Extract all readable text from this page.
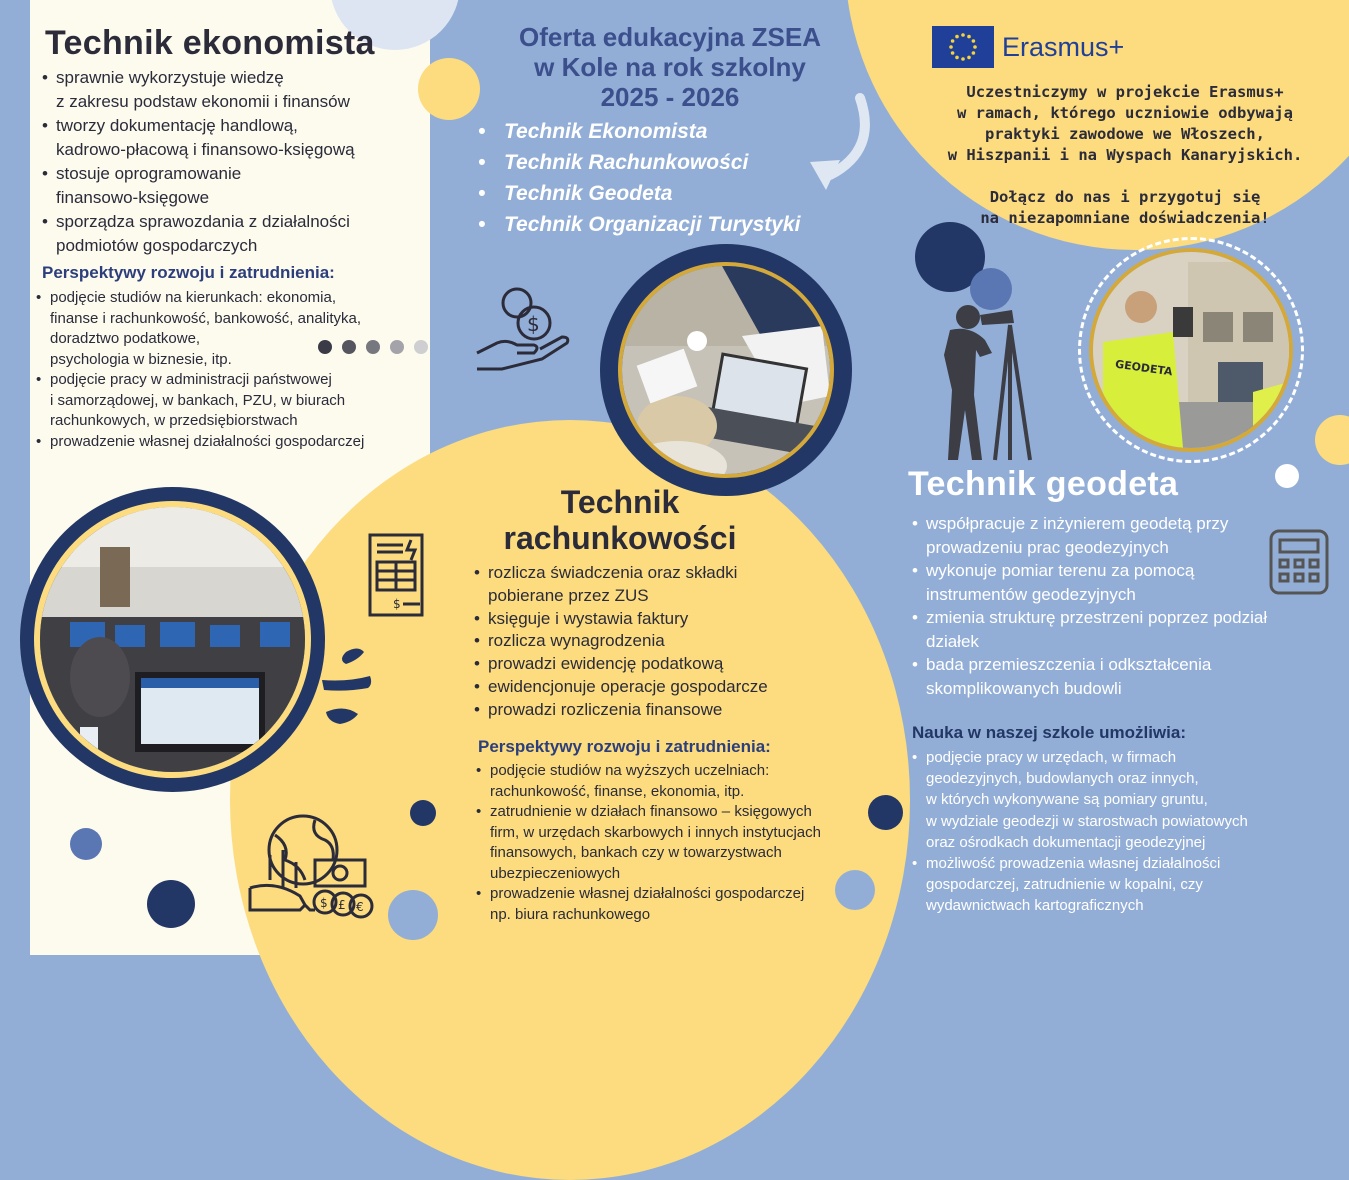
Technik ekonomista
• sprawnie wykorzystuje wiedzę
z zakresu podstaw ekonomii i finansów
• tworzy dokumentację handlową,
kadrowo-płacową i finansowo-księgową
• stosuje oprogramowanie
finansowo-księgowe
• sporządza sprawozdania z działalności
podmiotów gospodarczych
Perspektywy rozwoju i zatrudnienia:
• podjęcie studiów na kierunkach: ekonomia,
finanse i rachunkowość, bankowość, analityka,
doradztwo podatkowe,
psychologia w biznesie, itp.
• podjęcie pracy w administracji państwowej
i samorządowej, w bankach, PZU, w biurach
rachunkowych, w przedsiębiorstwach
• prowadzenie własnej działalności gospodarczej
Oferta edukacyjna ZSEA
w Kole na rok szkolny
2025 - 2026
• Technik Ekonomista
• Technik Rachunkowości
• Technik Geodeta
• Technik Organizacji Turystyki
$
Erasmus+
Uczestniczymy w projekcie Erasmus+
w ramach, którego uczniowie odbywają
praktyki zawodowe we Włoszech,
w Hiszpanii i na Wyspach Kanaryjskich.
Dołącz do nas i przygotuj się
na niezapomniane doświadczenia!
GEODETA
Technik geodeta
• współpracuje z inżynierem geodetą przy
prowadzeniu prac geodezyjnych
• wykonuje pomiar terenu za pomocą
instrumentów geodezyjnych
• zmienia strukturę przestrzeni poprzez podział
działek
• bada przemieszczenia i odkształcenia
skomplikowanych budowli
Nauka w naszej szkole umożliwia:
• podjęcie pracy w urzędach, w firmach
geodezyjnych, budowlanych oraz innych,
w których wykonywane są pomiary gruntu,
w wydziale geodezji w starostwach powiatowych
oraz ośrodkach dokumentacji geodezyjnej
• możliwość prowadzenia własnej działalności
gospodarczej, zatrudnienie w kopalni, czy
wydawnictwach kartograficznych
$
Technik
rachunkowości
• rozlicza świadczenia oraz składki
pobierane przez ZUS
• księguje i wystawia faktury
• rozlicza wynagrodzenia
• prowadzi ewidencję podatkową
• ewidencjonuje operacje gospodarcze
• prowadzi rozliczenia finansowe
Perspektywy rozwoju i zatrudnienia:
• podjęcie studiów na wyższych uczelniach:
rachunkowość, finanse, ekonomia, itp.
• zatrudnienie w działach finansowo – księgowych
firm, w urzędach skarbowych i innych instytucjach
finansowych, bankach czy w towarzystwach
ubezpieczeniowych
• prowadzenie własnej działalności gospodarczej
np. biura rachunkowego
$ £ €
